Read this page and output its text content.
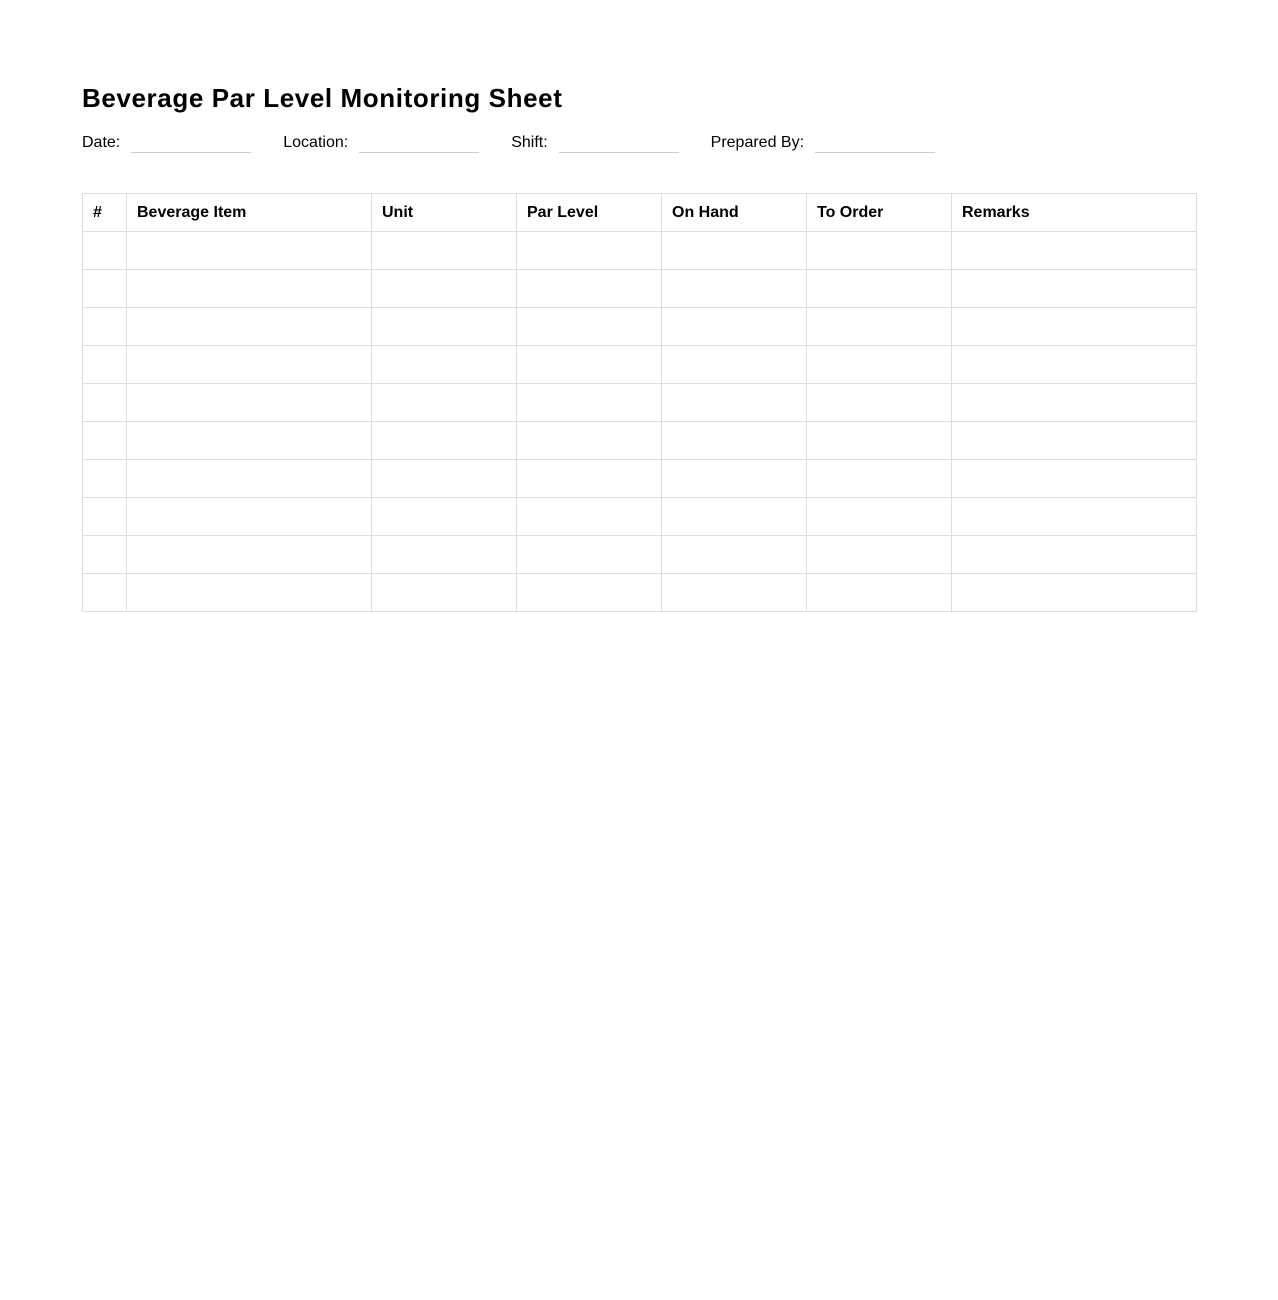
Beverage Par Level Monitoring Sheet
Date:	Location:	Shift:	Prepared By:
#	Beverage Item	Unit	Par Level	On Hand	To Order	Remarks
